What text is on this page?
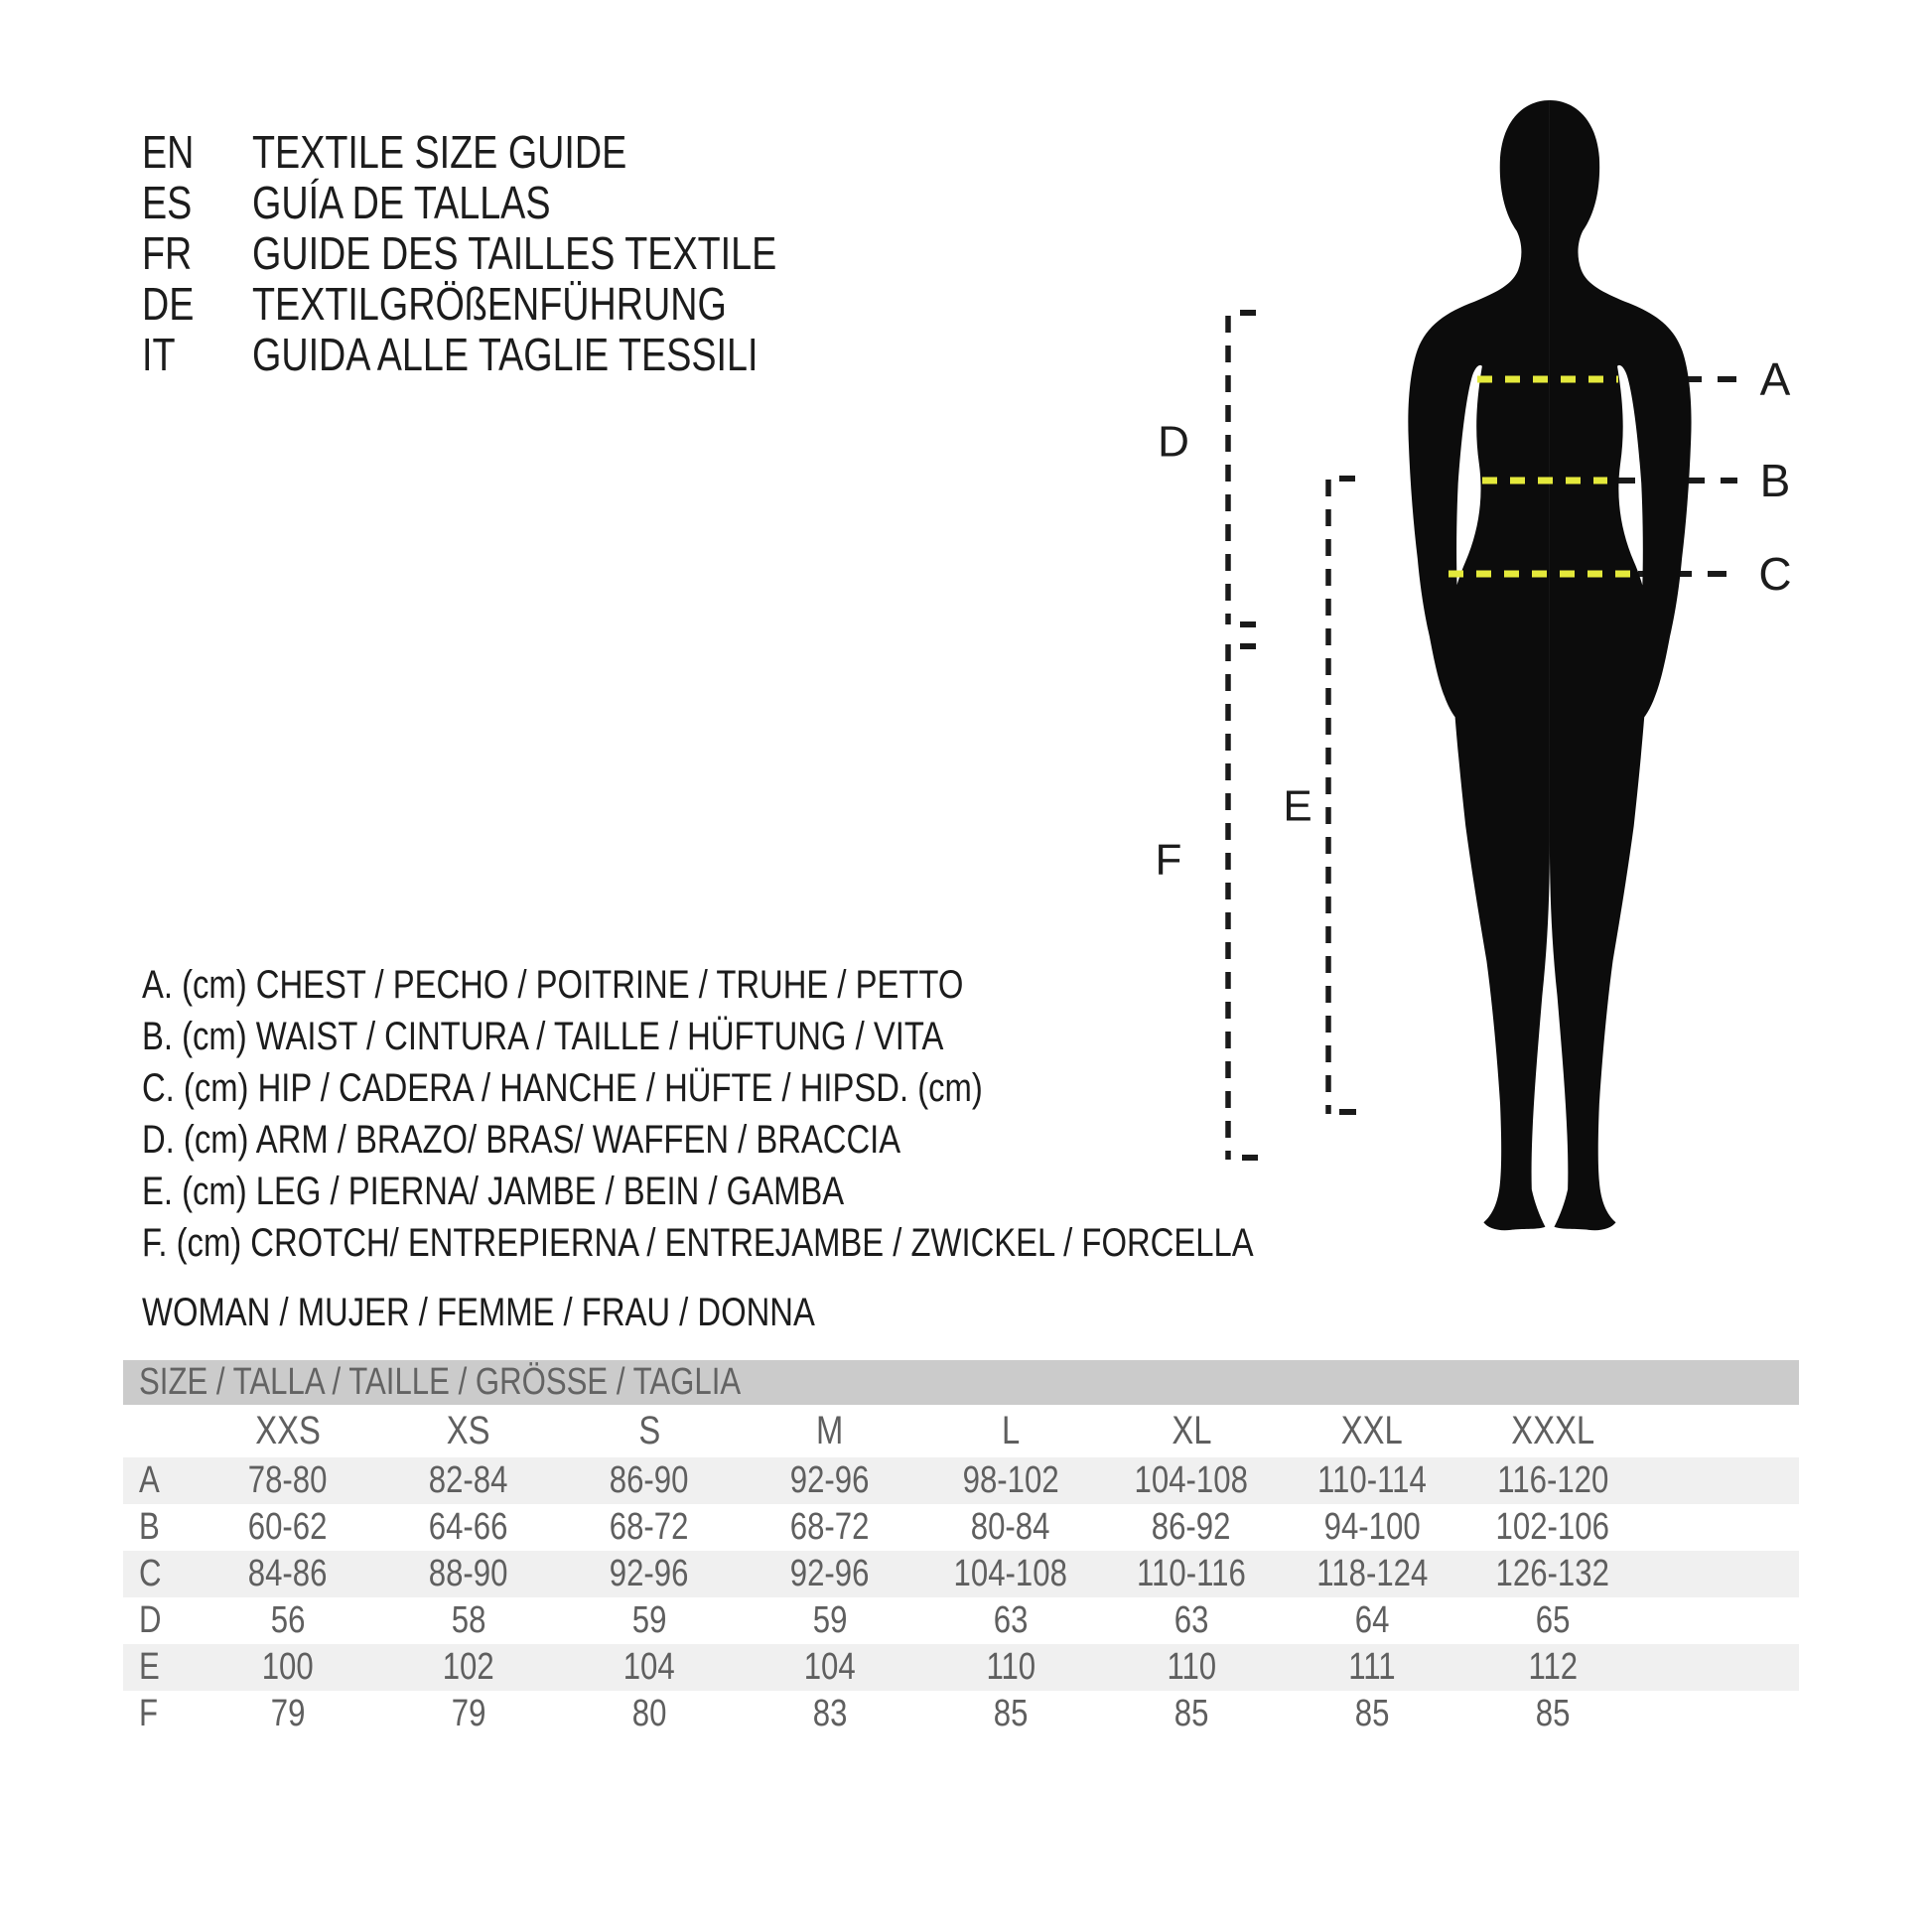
EN	TEXTILE SIZE GUIDE
ES	GUÍA DE TALLAS
FR	GUIDE DES TAILLES TEXTILE
DE	TEXTILGRÖßENFÜHRUNG
IT	GUIDA ALLE TAGLIE TESSILI
A. (cm) CHEST / PECHO / POITRINE / TRUHE / PETTO
B. (cm) WAIST / CINTURA / TAILLE / HÜFTUNG / VITA
C. (cm) HIP / CADERA / HANCHE / HÜFTE / HIPSD. (cm)
D. (cm) ARM / BRAZO/ BRAS/ WAFFEN / BRACCIA
E. (cm) LEG / PIERNA/ JAMBE / BEIN / GAMBA
F. (cm) CROTCH/ ENTREPIERNA / ENTREJAMBE / ZWICKEL / FORCELLA
WOMAN / MUJER / FEMME / FRAU / DONNA
A
B
C
D
E
F
SIZE / TALLA / TAILLE / GRÖSSE / TAGLIA
	XXS	XS	S	M	L	XL	XXL	XXXL	
A	78-80	82-84	86-90	92-96	98-102	104-108	110-114	116-120	
B	60-62	64-66	68-72	68-72	80-84	86-92	94-100	102-106	
C	84-86	88-90	92-96	92-96	104-108	110-116	118-124	126-132	
D	56	58	59	59	63	63	64	65	
E	100	102	104	104	110	110	111	112	
F	79	79	80	83	85	85	85	85	
